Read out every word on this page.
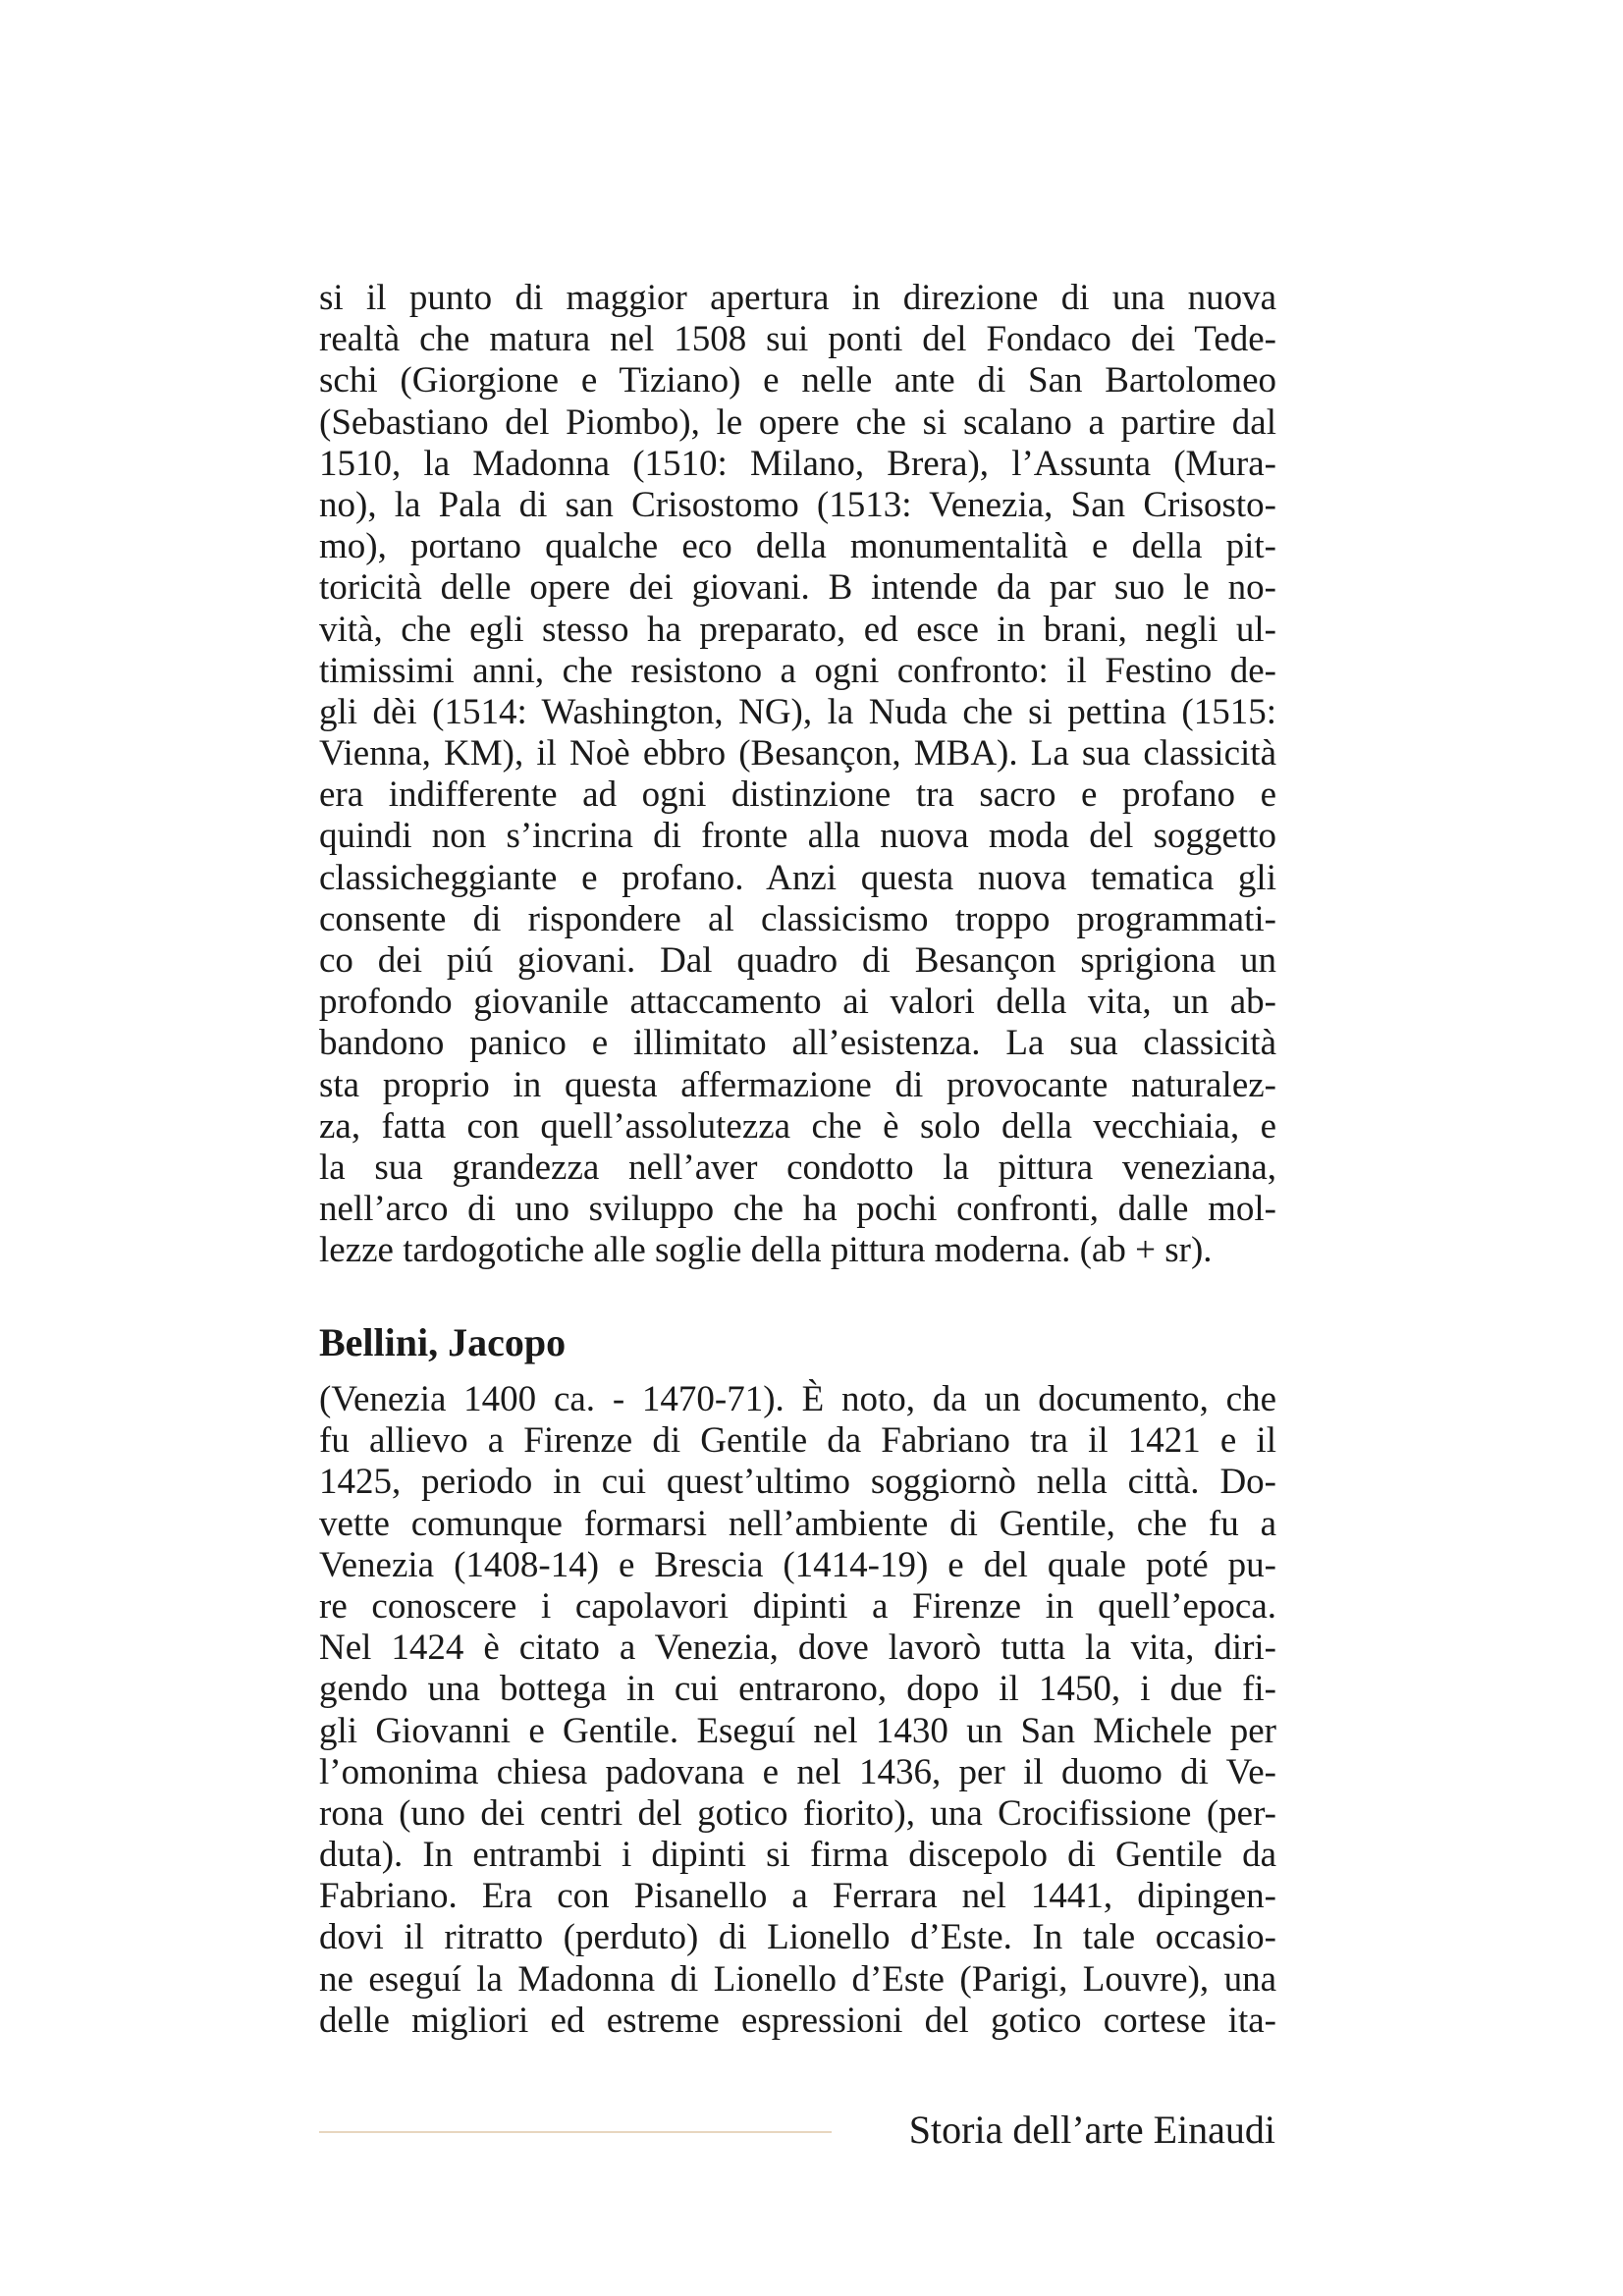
si il punto di maggior apertura in direzione di una nuova
realtà che matura nel 1508 sui ponti del Fondaco dei Tede-
schi (Giorgione e Tiziano) e nelle ante di San Bartolomeo
(Sebastiano del Piombo), le opere che si scalano a partire dal
1510, la Madonna (1510: Milano, Brera), l’Assunta (Mura-
no), la Pala di san Crisostomo (1513: Venezia, San Crisosto-
mo), portano qualche eco della monumentalità e della pit-
toricità delle opere dei giovani. B intende da par suo le no-
vità, che egli stesso ha preparato, ed esce in brani, negli ul-
timissimi anni, che resistono a ogni confronto: il Festino de-
gli dèi (1514: Washington, NG), la Nuda che si pettina (1515:
Vienna, KM), il Noè ebbro (Besançon, MBA). La sua classicità
era indifferente ad ogni distinzione tra sacro e profano e
quindi non s’incrina di fronte alla nuova moda del soggetto
classicheggiante e profano. Anzi questa nuova tematica gli
consente di rispondere al classicismo troppo programmati-
co dei piú giovani. Dal quadro di Besançon sprigiona un
profondo giovanile attaccamento ai valori della vita, un ab-
bandono panico e illimitato all’esistenza. La sua classicità
sta proprio in questa affermazione di provocante naturalez-
za, fatta con quell’assolutezza che è solo della vecchiaia, e
la sua grandezza nell’aver condotto la pittura veneziana,
nell’arco di uno sviluppo che ha pochi confronti, dalle mol-
lezze tardogotiche alle soglie della pittura moderna. (ab + sr).
Bellini, Jacopo
(Venezia 1400 ca. - 1470-71). È noto, da un documento, che
fu allievo a Firenze di Gentile da Fabriano tra il 1421 e il
1425, periodo in cui quest’ultimo soggiornò nella città. Do-
vette comunque formarsi nell’ambiente di Gentile, che fu a
Venezia (1408-14) e Brescia (1414-19) e del quale poté pu-
re conoscere i capolavori dipinti a Firenze in quell’epoca.
Nel 1424 è citato a Venezia, dove lavorò tutta la vita, diri-
gendo una bottega in cui entrarono, dopo il 1450, i due fi-
gli Giovanni e Gentile. Eseguí nel 1430 un San Michele per
l’omonima chiesa padovana e nel 1436, per il duomo di Ve-
rona (uno dei centri del gotico fiorito), una Crocifissione (per-
duta). In entrambi i dipinti si firma discepolo di Gentile da
Fabriano. Era con Pisanello a Ferrara nel 1441, dipingen-
dovi il ritratto (perduto) di Lionello d’Este. In tale occasio-
ne eseguí la Madonna di Lionello d’Este (Parigi, Louvre), una
delle migliori ed estreme espressioni del gotico cortese ita-
Storia dell’arte Einaudi
